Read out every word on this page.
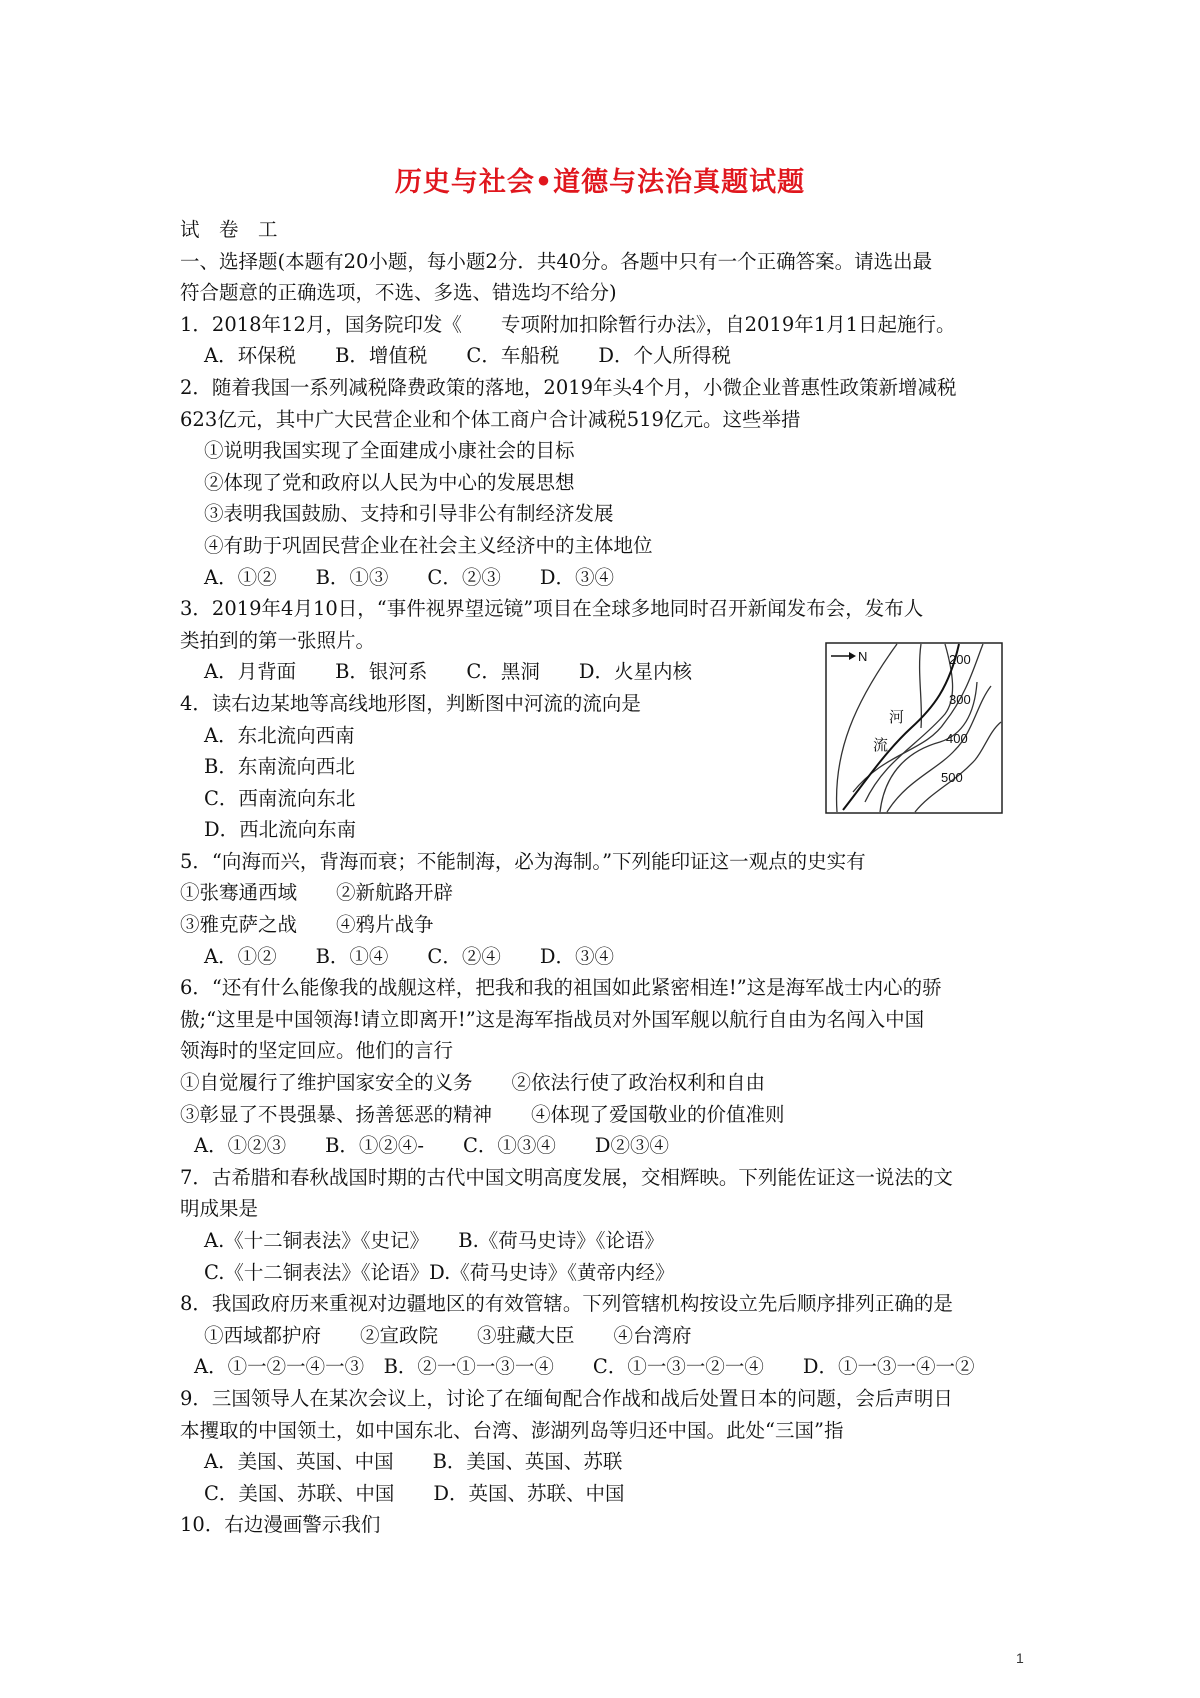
历史与社会•道德与法治真题试题
试　卷　工
一、选择题(本题有20小题，每小题2分．共40分。各题中只有一个正确答案。请选出最
符合题意的正确选项，不选、多选、错选均不给分)
1．2018年12月，国务院印发《　　专项附加扣除暂行办法》，自2019年1月1日起施行。
A．环保税　　B．增值税　　C．车船税　　D．个人所得税
2．随着我国一系列减税降费政策的落地，2019年头4个月，小微企业普惠性政策新增减税
623亿元，其中广大民营企业和个体工商户合计减税519亿元。这些举措
①说明我国实现了全面建成小康社会的目标
②体现了党和政府以人民为中心的发展思想
③表明我国鼓励、支持和引导非公有制经济发展
④有助于巩固民营企业在社会主义经济中的主体地位
A．①②　　B．①③　　C．②③　　D．③④
3．2019年4月10日，“事件视界望远镜”项目在全球多地同时召开新闻发布会，发布人
类拍到的第一张照片。
A．月背面　　B．银河系　　C．黑洞　　D．火星内核
4．读右边某地等高线地形图，判断图中河流的流向是
A．东北流向西南
B．东南流向西北
C．西南流向东北
D．西北流向东南
5．“向海而兴，背海而衰；不能制海，必为海制。”下列能印证这一观点的史实有
①张骞通西域　　②新航路开辟
③雅克萨之战　　④鸦片战争
A．①②　　B．①④　　C．②④　　D．③④
6．“还有什么能像我的战舰这样，把我和我的祖国如此紧密相连!”这是海军战士内心的骄
傲;“这里是中国领海!请立即离开!”这是海军指战员对外国军舰以航行自由为名闯入中国
领海时的坚定回应。他们的言行
①自觉履行了维护国家安全的义务　　②依法行使了政治权利和自由
③彰显了不畏强暴、扬善惩恶的精神　　④体现了爱国敬业的价值准则
A．①②③　　B．①②④-　　C．①③④　　D②③④
7．古希腊和春秋战国时期的古代中国文明高度发展，交相辉映。下列能佐证这一说法的文
明成果是
A.《十二铜表法》《史记》　　B.《荷马史诗》《论语》
C.《十二铜表法》《论语》D.《荷马史诗》《黄帝内经》
8．我国政府历来重视对边疆地区的有效管辖。下列管辖机构按设立先后顺序排列正确的是
①西域都护府　　②宣政院　　③驻藏大臣　　④台湾府
A．①一②一④一③　B．②一①一③一④　　C．①一③一②一④　　D．①一③一④一②
9．三国领导人在某次会议上，讨论了在缅甸配合作战和战后处置日本的问题，会后声明日
本攫取的中国领土，如中国东北、台湾、澎湖列岛等归还中国。此处“三国”指
A．美国、英国、中国　　B．美国、英国、苏联
C．美国、苏联、中国　　D．英国、苏联、中国
10．右边漫画警示我们
N	200
300
400
500
河
流
1
